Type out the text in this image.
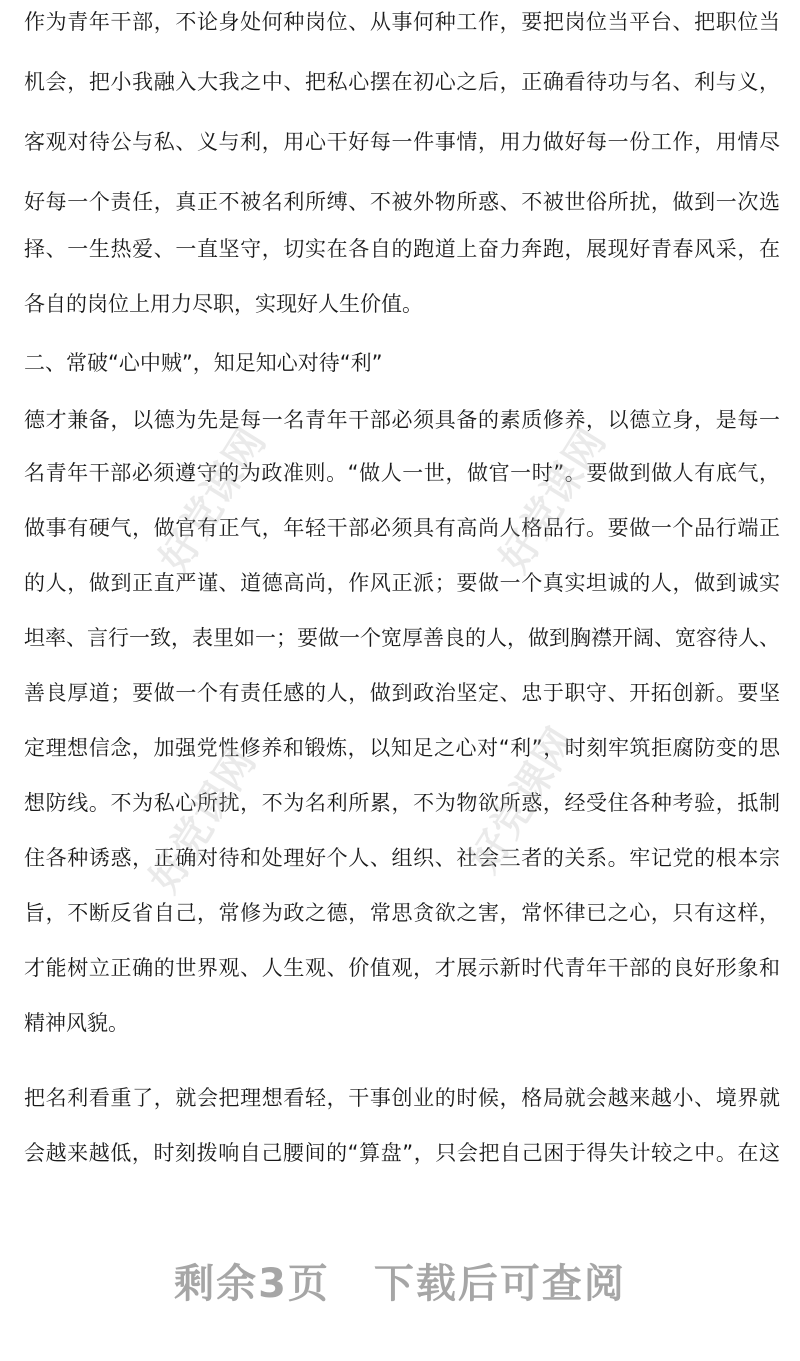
作为青年干部，不论身处何种岗位、从事何种工作，要把岗位当平台、把职位当
机会，把小我融入大我之中、把私心摆在初心之后，正确看待功与名、利与义，
客观对待公与私、义与利，用心干好每一件事情，用力做好每一份工作，用情尽
好每一个责任，真正不被名利所缚、不被外物所惑、不被世俗所扰，做到一次选
择、一生热爱、一直坚守，切实在各自的跑道上奋力奔跑，展现好青春风采，在
各自的岗位上用力尽职，实现好人生价值。
二、常破“心中贼”，知足知心对待“利”
德才兼备，以德为先是每一名青年干部必须具备的素质修养，以德立身，是每一
名青年干部必须遵守的为政准则。“做人一世，做官一时”。要做到做人有底气，
做事有硬气，做官有正气，年轻干部必须具有高尚人格品行。要做一个品行端正
的人，做到正直严谨、道德高尚，作风正派；要做一个真实坦诚的人，做到诚实
坦率、言行一致，表里如一；要做一个宽厚善良的人，做到胸襟开阔、宽容待人、
善良厚道；要做一个有责任感的人，做到政治坚定、忠于职守、开拓创新。要坚
定理想信念，加强党性修养和锻炼，以知足之心对“利”，时刻牢筑拒腐防变的思
想防线。不为私心所扰，不为名利所累，不为物欲所惑，经受住各种考验，抵制
住各种诱惑，正确对待和处理好个人、组织、社会三者的关系。牢记党的根本宗
旨，不断反省自己，常修为政之德，常思贪欲之害，常怀律已之心，只有这样，
才能树立正确的世界观、人生观、价值观，才展示新时代青年干部的良好形象和
精神风貌。
把名利看重了，就会把理想看轻，干事创业的时候，格局就会越来越小、境界就
会越来越低，时刻拨响自己腰间的“算盘”，只会把自己困于得失计较之中。在这
好党课网	好党课网
好党课网	好党课网
剩余3页 下载后可查阅
